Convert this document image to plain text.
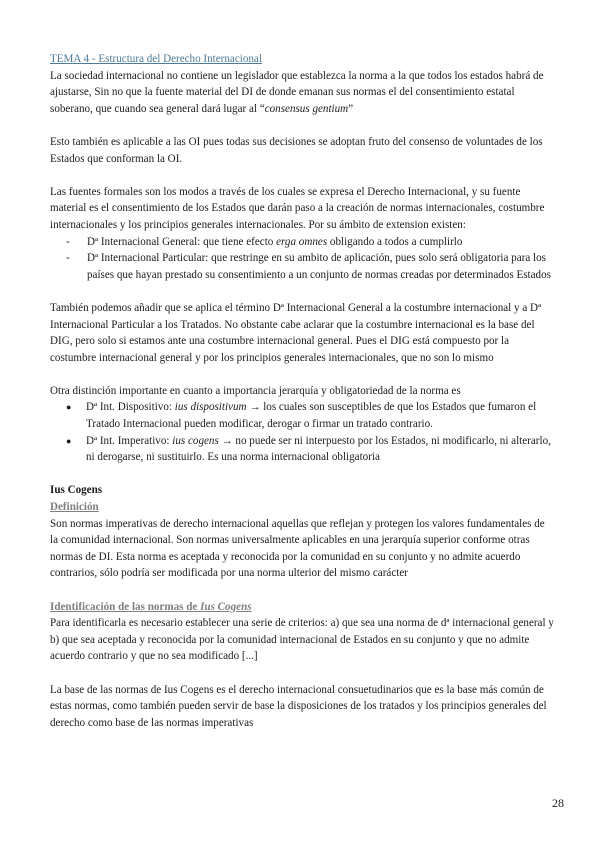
TEMA 4 - Estructura del Derecho Internacional

La sociedad internacional no contiene un legislador que establezca la norma a la que todos los estados habrá de ajustarse, Sin no que la fuente material del DI de donde emanan sus normas el del consentimiento estatal soberano, que cuando sea general dará lugar al “consensus gentium”

Esto también es aplicable a las OI pues todas sus decisiones se adoptan fruto del consenso de voluntades de los Estados que conforman la OI.

Las fuentes formales son los modos a través de los cuales se expresa el Derecho Internacional, y su fuente material es el consentimiento de los Estados que darán paso a la creación de normas internacionales, costumbre internacionales y los principios generales internacionales. Por su ámbito de extension existen:

- Dª Internacional General: que tiene efecto erga omnes obligando a todos a cumplirlo
- Dª Internacional Particular: que restringe en su ambito de aplicación, pues solo será obligatoria para los países que hayan prestado su consentimiento a un conjunto de normas creadas por determinados Estados

También podemos añadir que se aplica el término Dª Internacional General a la costumbre internacional y a Dª Internacional Particular a los Tratados. No obstante cabe aclarar que la costumbre internacional es la base del DIG, pero solo si estamos ante una costumbre internacional general. Pues el DIG está compuesto por la costumbre internacional general y por los principios generales internacionales, que no son lo mismo

Otra distinción importante en cuanto a importancia jerarquía y obligatoriedad de la norma es

● Dª Int. Dispositivo: ius dispositivum → los cuales son susceptibles de que los Estados que fumaron el Tratado Internacional pueden modificar, derogar o firmar un tratado contrario.
● Dª Int. Imperativo: ius cogens → no puede ser ni interpuesto por los Estados, ni modificarlo, ni alterarlo, ni derogarse, ni sustituirlo. Es una norma internacional obligatoria

Ius Cogens

Definición

Son normas imperativas de derecho internacional aquellas que reflejan y protegen los valores fundamentales de la comunidad internacional. Son normas universalmente aplicables en una jerarquía superior conforme otras normas de DI. Esta norma es aceptada y reconocida por la comunidad en su conjunto y no admite acuerdo contrarios, sólo podría ser modificada por una norma ulterior del mismo carácter

Identificación de las normas de Ius Cogens

Para identificarla es necesario establecer una serie de criterios: a) que sea una norma de dª internacional general y b) que sea aceptada y reconocida por la comunidad internacional de Estados en su conjunto y que no admite acuerdo contrario y que no sea modificado [...]

La base de las normas de Ius Cogens es el derecho internacional consuetudinarios que es la base más común de estas normas, como también pueden servir de base la disposiciones de los tratados y los principios generales del derecho como base de las normas imperativas

28
